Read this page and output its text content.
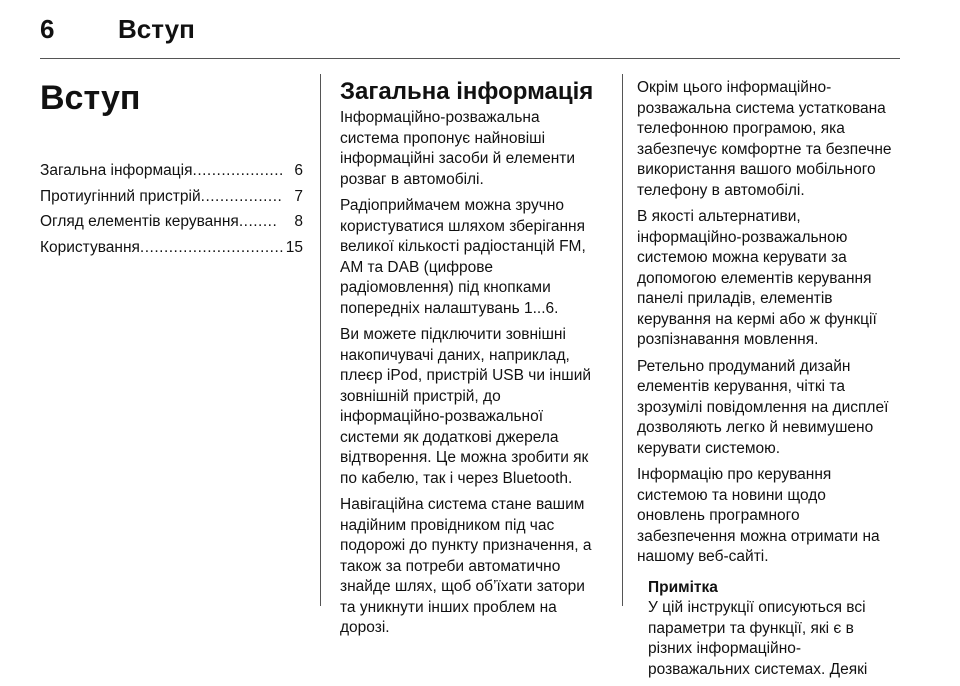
6 Вступ
Вступ
Загальна інформація ................... 6
Протиугінний пристрій ................. 7
Огляд елементів керування ........	8
Користування .............................. 15
Загальна інформація
Інформаційно-розважальна
система пропонує найновіші
інформаційні засоби й елементи
розваг в автомобілі.
Радіоприймачем можна зручно
користуватися шляхом зберігання
великої кількості радіостанцій FM,
AM та DAB (цифрове
радіомовлення) під кнопками
попередніх налаштувань 1...6.
Ви можете підключити зовнішні
накопичувачі даних, наприклад,
плеєр iPod, пристрій USB чи інший
зовнішній пристрій, до
інформаційно-розважальної
системи як додаткові джерела
відтворення. Це можна зробити як
по кабелю, так і через Bluetooth.
Навігаційна система стане вашим
надійним провідником під час
подорожі до пункту призначення, а
також за потреби автоматично
знайде шлях, щоб об’їхати затори
та уникнути інших проблем на
дорозі.
Окрім цього інформаційно-
розважальна система устаткована
телефонною програмою, яка
забезпечує комфортне та безпечне
використання вашого мобільного
телефону в автомобілі.
В якості альтернативи,
інформаційно-розважальною
системою можна керувати за
допомогою елементів керування
панелі приладів, елементів
керування на кермі або ж функції
розпізнавання мовлення.
Ретельно продуманий дизайн
елементів керування, чіткі та
зрозумілі повідомлення на дисплеї
дозволяють легко й невимушено
керувати системою.
Інформацію про керування
системою та новини щодо
оновлень програмного
забезпечення можна отримати на
нашому веб-сайті.
Примітка
У цій інструкції описуються всі
параметри та функції, які є в
різних інформаційно-
розважальних системах. Деякі
